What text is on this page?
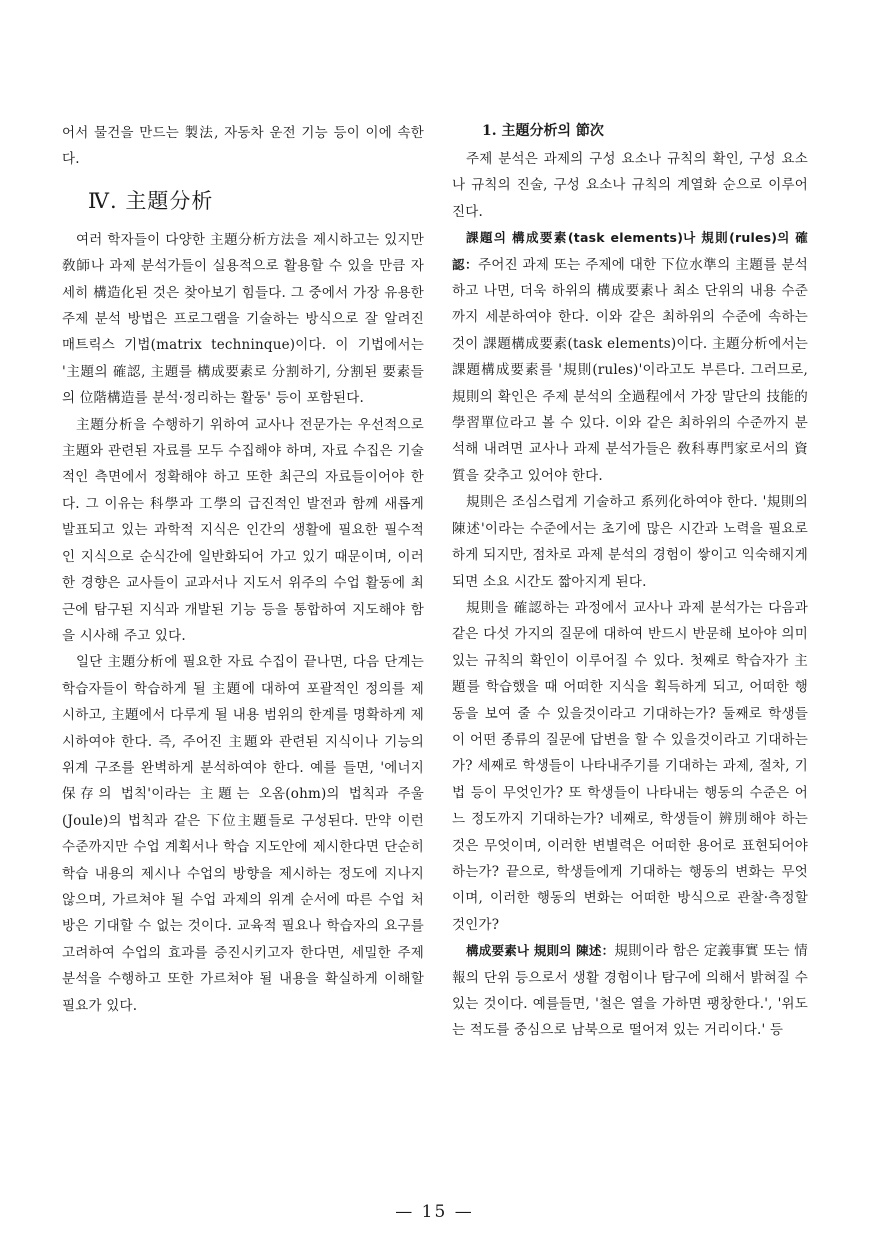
어서 물건을 만드는 製法, 자동차 운전 기능 등이 이에 속한다.

Ⅳ. 主題分析

여러 학자들이 다양한 主題分析方法을 제시하고는 있지만 敎師나 과제 분석가들이 실용적으로 활용할 수 있을 만큼 자세히 構造化된 것은 찾아보기 힘들다. 그 중에서 가장 유용한 주제 분석 방법은 프로그램을 기술하는 방식으로 잘 알려진 매트릭스 기법(matrix techninque)이다. 이 기법에서는 '主題의 確認, 主題를 構成要素로 分割하기, 分割된 要素들의 位階構造를 분석·정리하는 활동' 등이 포함된다.

主題分析을 수행하기 위하여 교사나 전문가는 우선적으로 主題와 관련된 자료를 모두 수집해야 하며, 자료 수집은 기술적인 측면에서 정확해야 하고 또한 최근의 자료들이어야 한다. 그 이유는 科學과 工學의 급진적인 발전과 함께 새롭게 발표되고 있는 과학적 지식은 인간의 생활에 필요한 필수적인 지식으로 순식간에 일반화되어 가고 있기 때문이며, 이러한 경향은 교사들이 교과서나 지도서 위주의 수업 활동에 최근에 탐구된 지식과 개발된 기능 등을 통합하여 지도해야 함을 시사해 주고 있다.

일단 主題分析에 필요한 자료 수집이 끝나면, 다음 단계는 학습자들이 학습하게 될 主題에 대하여 포괄적인 정의를 제시하고, 主題에서 다루게 될 내용 범위의 한계를 명확하게 제시하여야 한다. 즉, 주어진 主題와 관련된 지식이나 기능의 위계 구조를 완벽하게 분석하여야 한다. 예를 들면, '에너지 保存의 법칙'이라는 主題는 오옴(ohm)의 법칙과 주울(Joule)의 법칙과 같은 下位主題들로 구성된다. 만약 이런 수준까지만 수업 계획서나 학습 지도안에 제시한다면 단순히 학습 내용의 제시나 수업의 방향을 제시하는 정도에 지나지 않으며, 가르쳐야 될 수업 과제의 위계 순서에 따른 수업 처방은 기대할 수 없는 것이다. 교육적 필요나 학습자의 요구를 고려하여 수업의 효과를 증진시키고자 한다면, 세밀한 주제 분석을 수행하고 또한 가르쳐야 될 내용을 확실하게 이해할 필요가 있다.

1. 主題分析의 節次

주제 분석은 과제의 구성 요소나 규칙의 확인, 구성 요소나 규칙의 진술, 구성 요소나 규칙의 계열화 순으로 이루어진다.

課題의 構成要素(task elements)나 規則(rules)의 確認：주어진 과제 또는 주제에 대한 下位水準의 主題를 분석하고 나면, 더욱 하위의 構成要素나 최소 단위의 내용 수준까지 세분하여야 한다. 이와 같은 최하위의 수준에 속하는 것이 課題構成要素(task elements)이다. 主題分析에서는 課題構成要素를 '規則(rules)'이라고도 부른다. 그러므로, 規則의 확인은 주제 분석의 全過程에서 가장 말단의 技能的學習單位라고 볼 수 있다. 이와 같은 최하위의 수준까지 분석해 내려면 교사나 과제 분석가들은 敎科專門家로서의 資質을 갖추고 있어야 한다.

規則은 조심스럽게 기술하고 系列化하여야 한다. '規則의 陳述'이라는 수준에서는 초기에 많은 시간과 노력을 필요로 하게 되지만, 점차로 과제 분석의 경험이 쌓이고 익숙해지게 되면 소요 시간도 짧아지게 된다.

規則을 確認하는 과정에서 교사나 과제 분석가는 다음과 같은 다섯 가지의 질문에 대하여 반드시 반문해 보아야 의미 있는 규칙의 확인이 이루어질 수 있다. 첫째로 학습자가 主題를 학습했을 때 어떠한 지식을 획득하게 되고, 어떠한 행동을 보여 줄 수 있을것이라고 기대하는가? 둘째로 학생들이 어떤 종류의 질문에 답변을 할 수 있을것이라고 기대하는가? 세째로 학생들이 나타내주기를 기대하는 과제, 절차, 기법 등이 무엇인가? 또 학생들이 나타내는 행동의 수준은 어느 정도까지 기대하는가? 네째로, 학생들이 辨別해야 하는 것은 무엇이며, 이러한 변별력은 어떠한 용어로 표현되어야 하는가? 끝으로, 학생들에게 기대하는 행동의 변화는 무엇이며, 이러한 행동의 변화는 어떠한 방식으로 관찰·측정할 것인가?

構成要素나 規則의 陳述：規則이라 함은 定義事實 또는 情報의 단위 등으로서 생활 경험이나 탐구에 의해서 밝혀질 수 있는 것이다. 예를들면, '철은 열을 가하면 팽창한다.', '위도는 적도를 중심으로 남북으로 떨어져 있는 거리이다.' 등

— 15 —
